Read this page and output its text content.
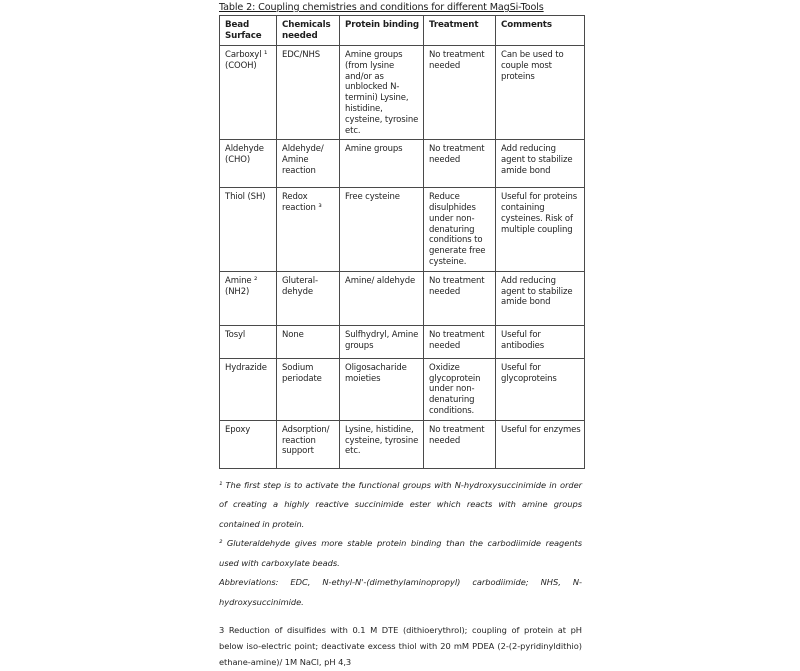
Table 2: Coupling chemistries and conditions for different MagSi-Tools
Bead Surface	Chemicals needed	Protein binding	Treatment	Comments
Carboxyl ¹ (COOH)	EDC/NHS	Amine groups (from lysine and/or as unblocked N-termini) Lysine, histidine, cysteine, tyrosine etc.	No treatment needed	Can be used to couple most proteins
Aldehyde (CHO)	Aldehyde/ Amine reaction	Amine groups	No treatment needed	Add reducing agent to stabilize amide bond
Thiol (SH)	Redox reaction ³	Free cysteine	Reduce disulphides under non-denaturing conditions to generate free cysteine.	Useful for proteins containing cysteines. Risk of multiple coupling
Amine ² (NH2)	Gluteral-dehyde	Amine/ aldehyde	No treatment needed	Add reducing agent to stabilize amide bond
Tosyl	None	Sulfhydryl, Amine groups	No treatment needed	Useful for antibodies
Hydrazide	Sodium periodate	Oligosacharide moieties	Oxidize glycoprotein under non-denaturing conditions.	Useful for glycoproteins
Epoxy	Adsorption/ reaction support	Lysine, histidine, cysteine, tyrosine etc.	No treatment needed	Useful for enzymes

¹ The first step is to activate the functional groups with N-hydroxysuccinimide in order of creating a highly reactive succinimide ester which reacts with amine groups contained in protein.

² Gluteraldehyde gives more stable protein binding than the carbodiimide reagents used with carboxylate beads.

Abbreviations: EDC, N-ethyl-N'-(dimethylaminopropyl) carbodiimide; NHS, N-hydroxysuccinimide.

3 Reduction of disulfides with 0.1 M DTE (dithioerythrol); coupling of protein at pH below iso-electric point; deactivate excess thiol with 20 mM PDEA (2-(2-pyridinyldithio) ethane-amine)/ 1M NaCl, pH 4,3
